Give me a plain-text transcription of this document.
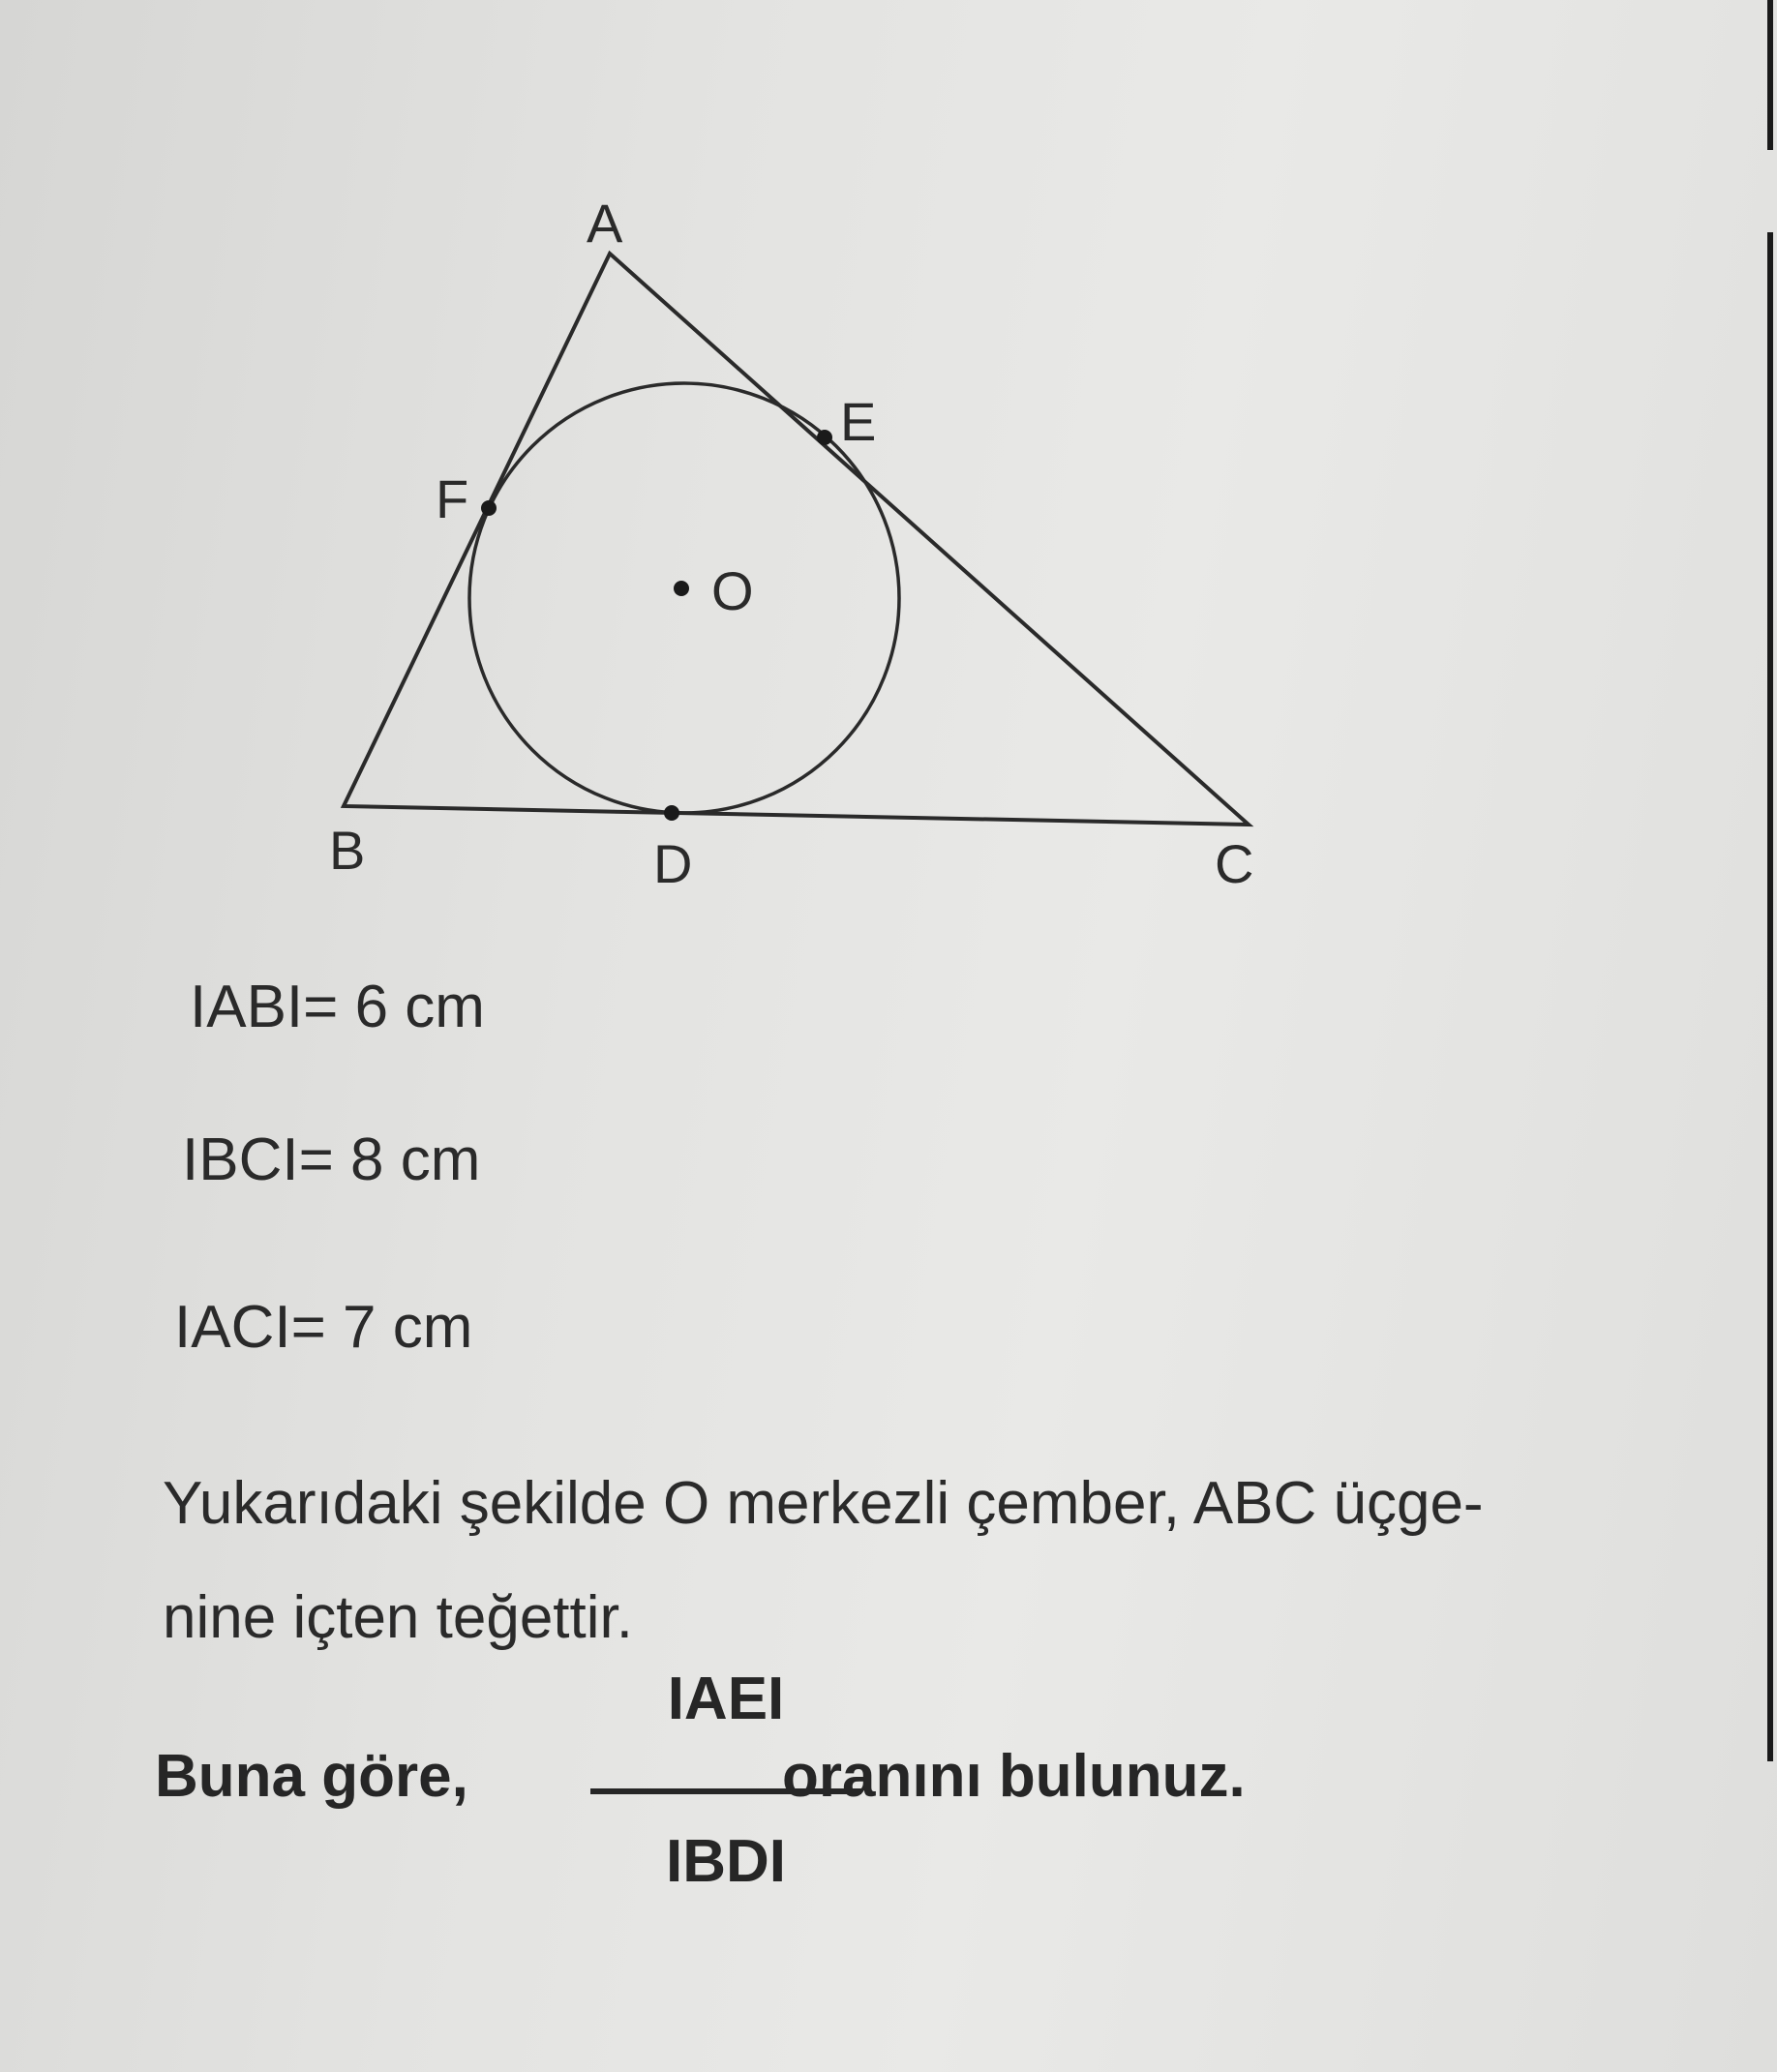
A
B	C
D
E
F
O
IABI= 6 cm
IBCI= 8 cm
IACI= 7 cm
Yukarıdaki şekilde O merkezli çember, ABC üçge-
nine içten teğettir.
Buna göre,
IAEI
IBDI
oranını bulunuz.
